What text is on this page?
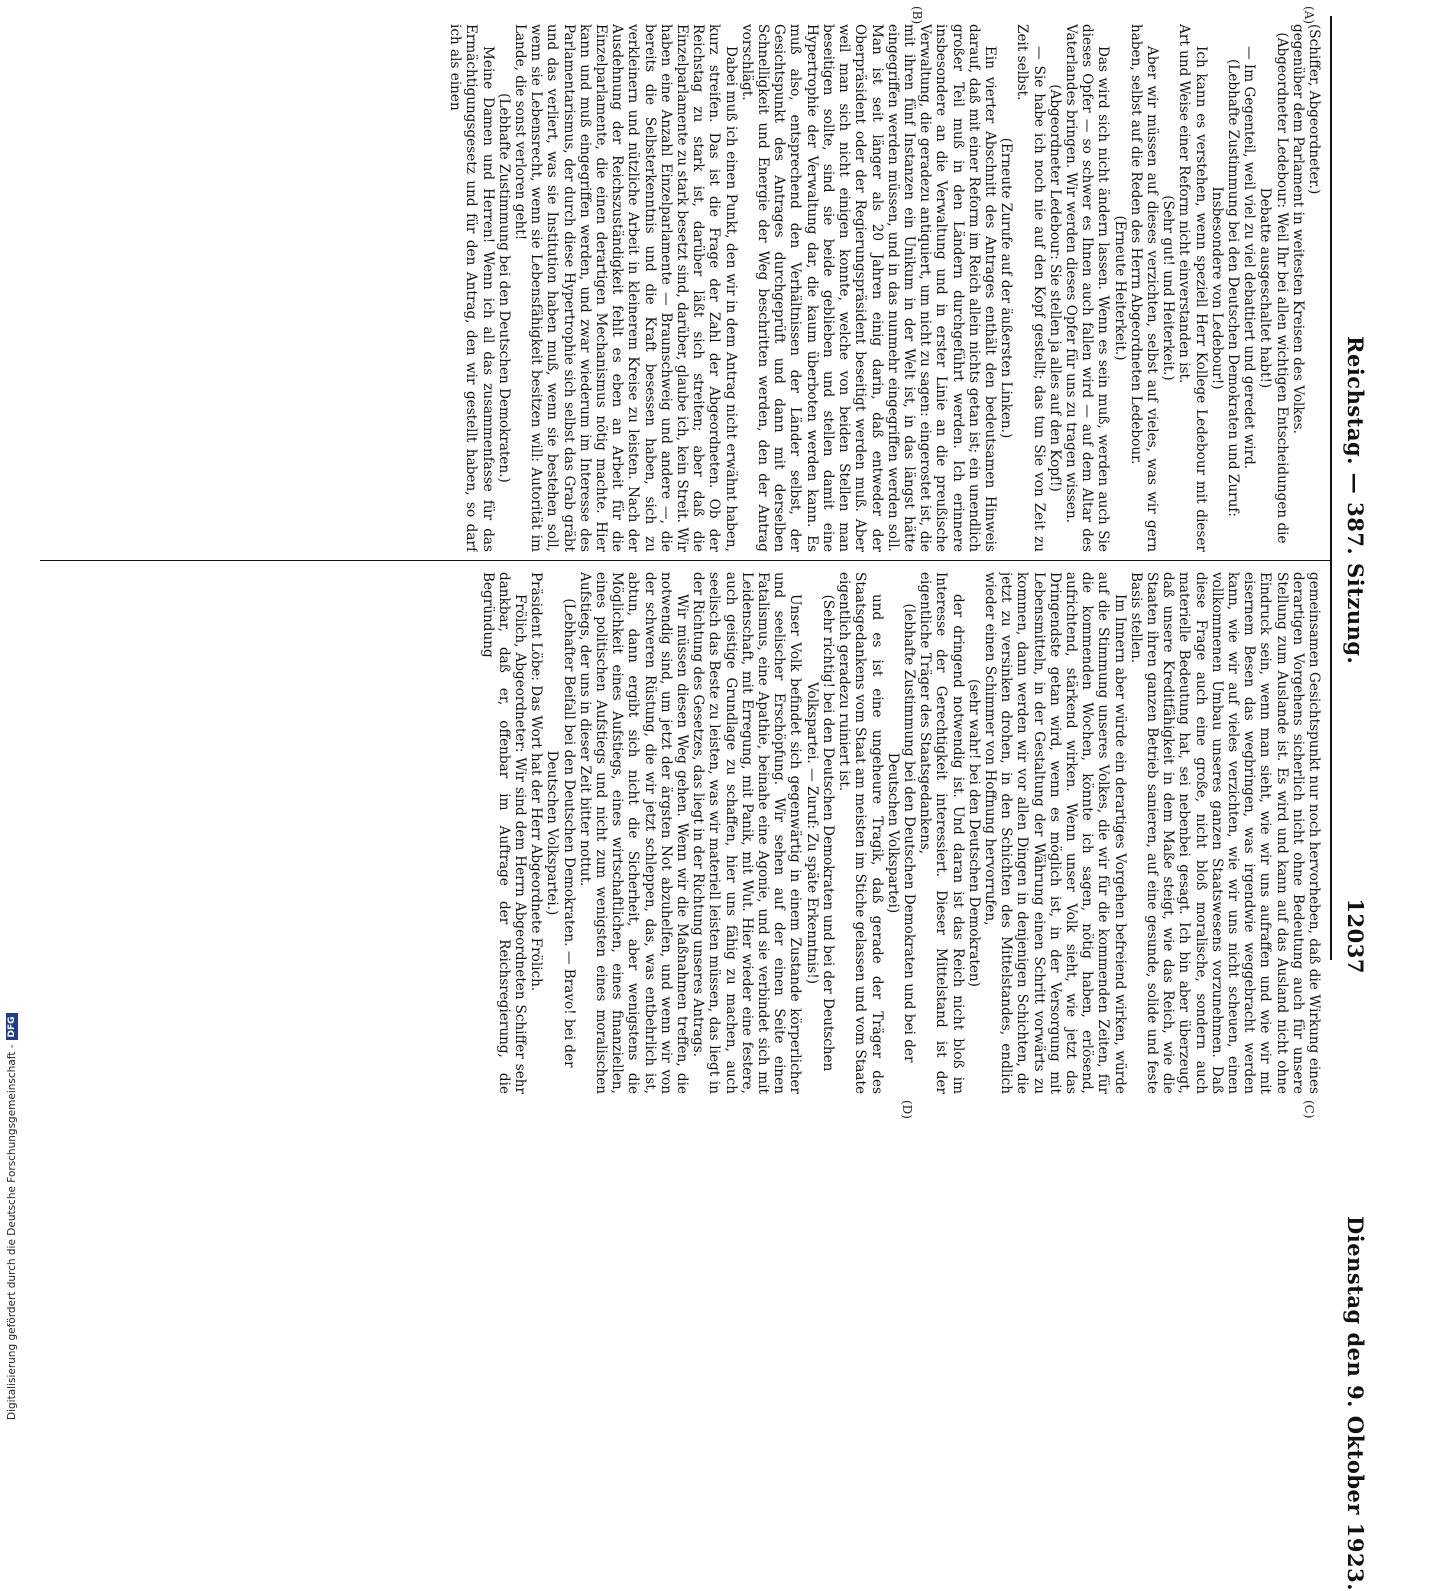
Reichstag. — 387. Sitzung.
Dienstag den 9. Oktober 1923.
12037
(A)
(B)
(C)
(D)

(Schiffer, Abgeordneter.)

gegenüber dem Parlament in weitesten Kreisen des Volkes.

(Abgeordneter Ledebour: Weil Ihr bei allen wichtigen Entscheidungen die Debatte ausgeschaltet habt!)

— Im Gegenteil, weil viel zu viel debattiert und geredet wird.

(Lebhafte Zustimmung bei den Deutschen Demokraten und Zuruf: Insbesondere von Ledebour!)

Ich kann es verstehen, wenn speziell Herr Kollege Ledebour mit dieser Art und Weise einer Reform nicht einverstanden ist.

(Sehr gut! und Heiterkeit.)

Aber wir müssen auf dieses verzichten, selbst auf vieles, was wir gern haben, selbst auf die Reden des Herrn Abgeordneten Ledebour.

(Erneute Heiterkeit.)

Das wird sich nicht ändern lassen. Wenn es sein muß, werden auch Sie dieses Opfer — so schwer es Ihnen auch fallen wird — auf dem Altar des Vaterlandes bringen. Wir werden dieses Opfer für uns zu tragen wissen.

(Abgeordneter Ledebour: Sie stellen ja alles auf den Kopf!)

— Sie habe ich noch nie auf den Kopf gestellt; das tun Sie von Zeit zu Zeit selbst.

(Erneute Zurufe auf der äußersten Linken.)

Ein vierter Abschnitt des Antrages enthält den bedeutsamen Hinweis darauf, daß mit einer Reform im Reich allein nichts getan ist; ein unendlich großer Teil muß in den Ländern durchgeführt werden. Ich erinnere insbesondere an die Verwaltung und in erster Linie an die preußische Verwaltung, die geradezu antiquiert, um nicht zu sagen: eingerostet ist, die mit ihren fünf Instanzen ein Unikum in der Welt ist, in das längst hätte eingegriffen werden müssen, und in das nunmehr eingegriffen werden soll. Man ist seit länger als 20 Jahren einig darin, daß entweder der Oberpräsident oder der Regierungspräsident beseitigt werden muß. Aber weil man sich nicht einigen konnte, welche von beiden Stellen man beseitigen sollte, sind sie beide geblieben und stellen damit eine Hypertrophie der Verwaltung dar, die kaum überboten werden kann. Es muß also, entsprechend den Verhältnissen der Länder selbst, der Gesichtspunkt des Antrages durchgeprüft und dann mit derselben Schnelligkeit und Energie der Weg beschritten werden, den der Antrag vorschlägt.

Dabei muß ich einen Punkt, den wir in dem Antrag nicht erwähnt haben, kurz streifen. Das ist die Frage der Zahl der Abgeordneten. Ob der Reichstag zu stark ist, darüber läßt sich streiten; aber daß die Einzelparlamente zu stark besetzt sind, darüber, glaube ich, kein Streit. Wir haben eine Anzahl Einzelparlamente — Braunschweig und andere —, die bereits die Selbsterkenntnis und die Kraft besessen haben, sich zu verkleinern und nützliche Arbeit in kleinerem Kreise zu leisten. Nach der Ausdehnung der Reichszuständigkeit fehlt es eben an Arbeit für die Einzelparlamente, die einen derartigen Mechanismus nötig machte. Hier kann und muß eingegriffen werden, und zwar wiederum im Interesse des Parlamentarismus, der durch diese Hypertrophie sich selbst das Grab gräbt und das verliert, was sie Institution haben muß, wenn sie bestehen soll, wenn sie Lebensrecht, wenn sie Lebensfähigkeit besitzen will: Autorität im Lande, die sonst verloren geht!

(Lebhafte Zustimmung bei den Deutschen Demokraten.)

Meine Damen und Herren! Wenn ich all das zusammenfasse für das Ermächtigungsgesetz und für den Antrag, den wir gestellt haben, so darf ich als einen

gemeinsamen Gesichtspunkt nur noch hervorheben, daß die Wirkung eines derartigen Vorgehens sicherlich nicht ohne Bedeutung auch für unsere Stellung zum Auslande ist. Es wird und kann auf das Ausland nicht ohne Eindruck sein, wenn man sieht, wie wir uns aufraffen und wie wir mit eisernem Besen das wegbringen, was irgendwie weggebracht werden kann, wie wir auf vieles verzichten, wie wir uns nicht scheuen, einen vollkommenen Umbau unseres ganzen Staatswesens vorzunehmen. Daß diese Frage auch eine große, nicht bloß moralische, sondern auch materielle Bedeutung hat, sei nebenbei gesagt. Ich bin aber überzeugt, daß unsere Kreditfähigkeit in dem Maße steigt, wie das Reich, wie die Staaten ihren ganzen Betrieb sanieren, auf eine gesunde, solide und feste Basis stellen.

Im Innern aber würde ein derartiges Vorgehen befreiend wirken, würde auf die Stimmung unseres Volkes, die wir für die kommenden Zeiten, für die kommenden Wochen, könnte ich sagen, nötig haben, erlösend, aufrichtend, stärkend wirken. Wenn unser Volk sieht, wie jetzt das Dringendste getan wird, wenn es möglich ist, in der Versorgung mit Lebensmitteln, in der Gestaltung der Währung einen Schritt vorwärts zu kommen, dann werden wir vor allen Dingen in denjenigen Schichten, die jetzt zu versinken drohen, in den Schichten des Mittelstandes, endlich wieder einen Schimmer von Hoffnung hervorrufen,

(sehr wahr! bei den Deutschen Demokraten)

der dringend notwendig ist. Und daran ist das Reich nicht bloß im Interesse der Gerechtigkeit interessiert. Dieser Mittelstand ist der eigentliche Träger des Staatsgedankens,

(lebhafte Zustimmung bei den Deutschen Demokraten und bei der Deutschen Volkspartei)

und es ist eine ungeheure Tragik, daß gerade der Träger des Staatsgedankens vom Staat am meisten im Stiche gelassen und vom Staate eigentlich geradezu ruiniert ist.

(Sehr richtig! bei den Deutschen Demokraten und bei der Deutschen Volkspartei. — Zuruf: Zu späte Erkenntnis!)

Unser Volk befindet sich gegenwärtig in einem Zustande körperlicher und seelischer Erschöpfung. Wir sehen auf der einen Seite einen Fatalismus, eine Apathie, beinahe eine Agonie, und sie verbindet sich mit Leidenschaft, mit Erregung, mit Panik, mit Wut. Hier wieder eine festere, auch geistige Grundlage zu schaffen, hier uns fähig zu machen, auch seelisch das Beste zu leisten, was wir materiell leisten müssen, das liegt in der Richtung des Gesetzes, das liegt in der Richtung unseres Antrags.

Wir müssen diesen Weg gehen. Wenn wir die Maßnahmen treffen, die notwendig sind, um jetzt der ärgsten Not abzuhelfen, und wenn wir von der schweren Rüstung, die wir jetzt schleppen, das, was entbehrlich ist, abtun, dann ergibt sich nicht die Sicherheit, aber wenigstens die Möglichkeit eines Aufstiegs, eines wirtschaftlichen, eines finanziellen, eines politischen Aufstiegs und nicht zum wenigsten eines moralischen Aufstiegs, der uns in dieser Zeit bitter nottut.

(Lebhafter Beifall bei den Deutschen Demokraten. — Bravo! bei der Deutschen Volkspartei.)

Präsident Löbe: Das Wort hat der Herr Abgeordnete Frölich.

Frölich, Abgeordneter: Wir sind dem Herrn Abgeordneten Schiffer sehr dankbar, daß er, offenbar im Auftrage der Reichsregierung, die Begründung

Digitalisierung gefördert durch die Deutsche Forschungsgemeinschaft -
DFG
